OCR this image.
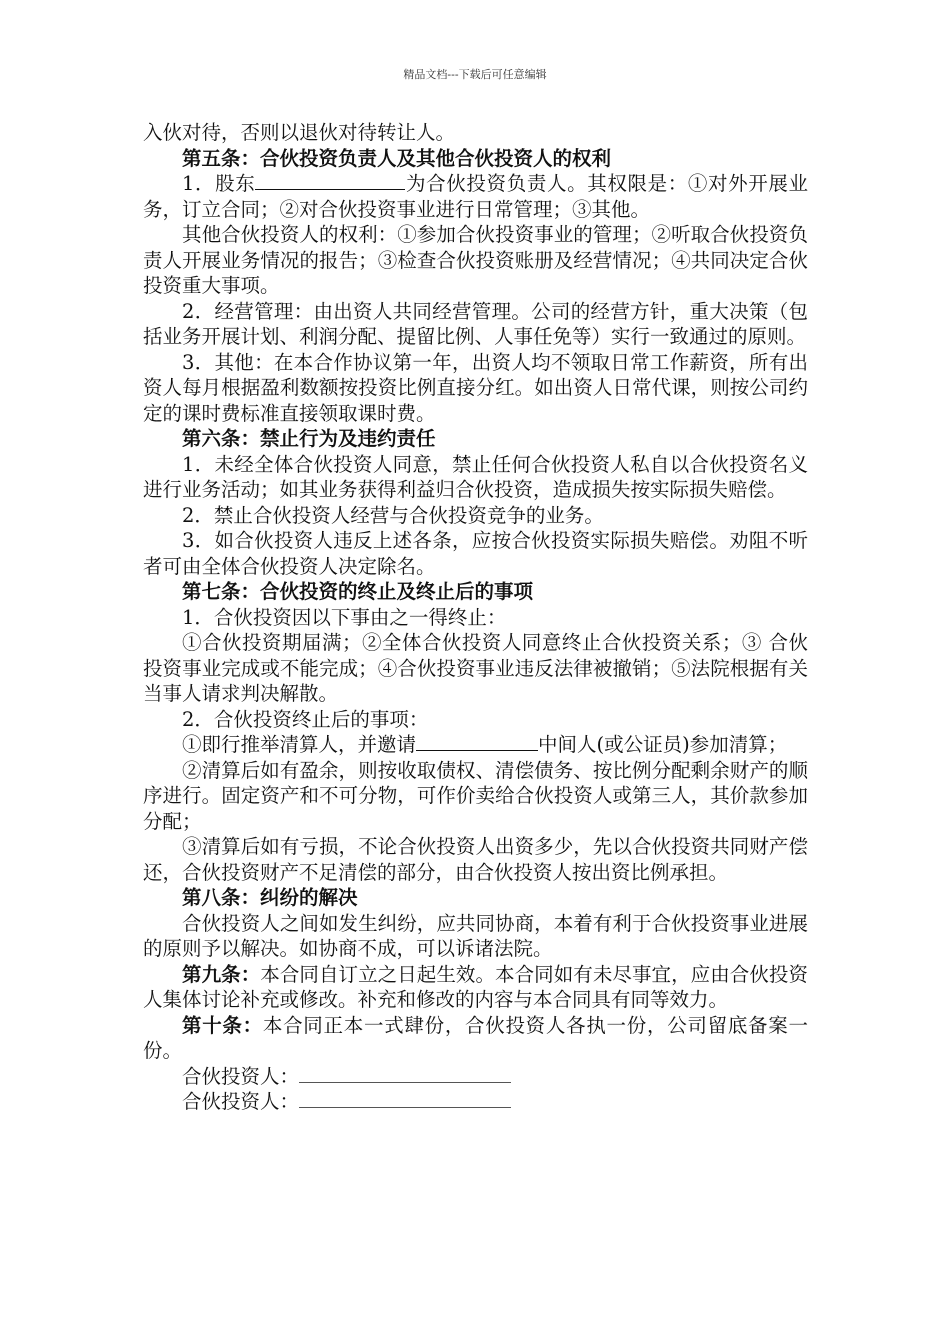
精品文档---下载后可任意编辑

入伙对待，否则以退伙对待转让人。

第五条：合伙投资负责人及其他合伙投资人的权利

1．股东	为合伙投资负责人。其权限是：①对外开展业务，订立合同；②对合伙投资事业进行日常管理；③其他。

其他合伙投资人的权利：①参加合伙投资事业的管理；②听取合伙投资负责人开展业务情况的报告；③检查合伙投资账册及经营情况；④共同决定合伙投资重大事项。

2．经营管理：由出资人共同经营管理。公司的经营方针，重大决策（包括业务开展计划、利润分配、提留比例、人事任免等）实行一致通过的原则。

3．其他：在本合作协议第一年，出资人均不领取日常工作薪资，所有出资人每月根据盈利数额按投资比例直接分红。如出资人日常代课，则按公司约定的课时费标准直接领取课时费。

第六条：禁止行为及违约责任

1．未经全体合伙投资人同意，禁止任何合伙投资人私自以合伙投资名义进行业务活动；如其业务获得利益归合伙投资，造成损失按实际损失赔偿。

2．禁止合伙投资人经营与合伙投资竞争的业务。

3．如合伙投资人违反上述各条，应按合伙投资实际损失赔偿。劝阻不听者可由全体合伙投资人决定除名。

第七条：合伙投资的终止及终止后的事项

1．合伙投资因以下事由之一得终止：

①合伙投资期届满；②全体合伙投资人同意终止合伙投资关系；③ 合伙投资事业完成或不能完成；④合伙投资事业违反法律被撤销；⑤法院根据有关当事人请求判决解散。

2．合伙投资终止后的事项：

①即行推举清算人，并邀请	中间人(或公证员)参加清算；

②清算后如有盈余，则按收取债权、清偿债务、按比例分配剩余财产的顺序进行。固定资产和不可分物，可作价卖给合伙投资人或第三人，其价款参加分配；

③清算后如有亏损，不论合伙投资人出资多少，先以合伙投资共同财产偿还，合伙投资财产不足清偿的部分，由合伙投资人按出资比例承担。

第八条：纠纷的解决

合伙投资人之间如发生纠纷，应共同协商，本着有利于合伙投资事业进展的原则予以解决。如协商不成，可以诉诸法院。

第九条：本合同自订立之日起生效。本合同如有未尽事宜，应由合伙投资人集体讨论补充或修改。补充和修改的内容与本合同具有同等效力。

第十条：本合同正本一式肆份，合伙投资人各执一份，公司留底备案一份。

合伙投资人：

合伙投资人：
